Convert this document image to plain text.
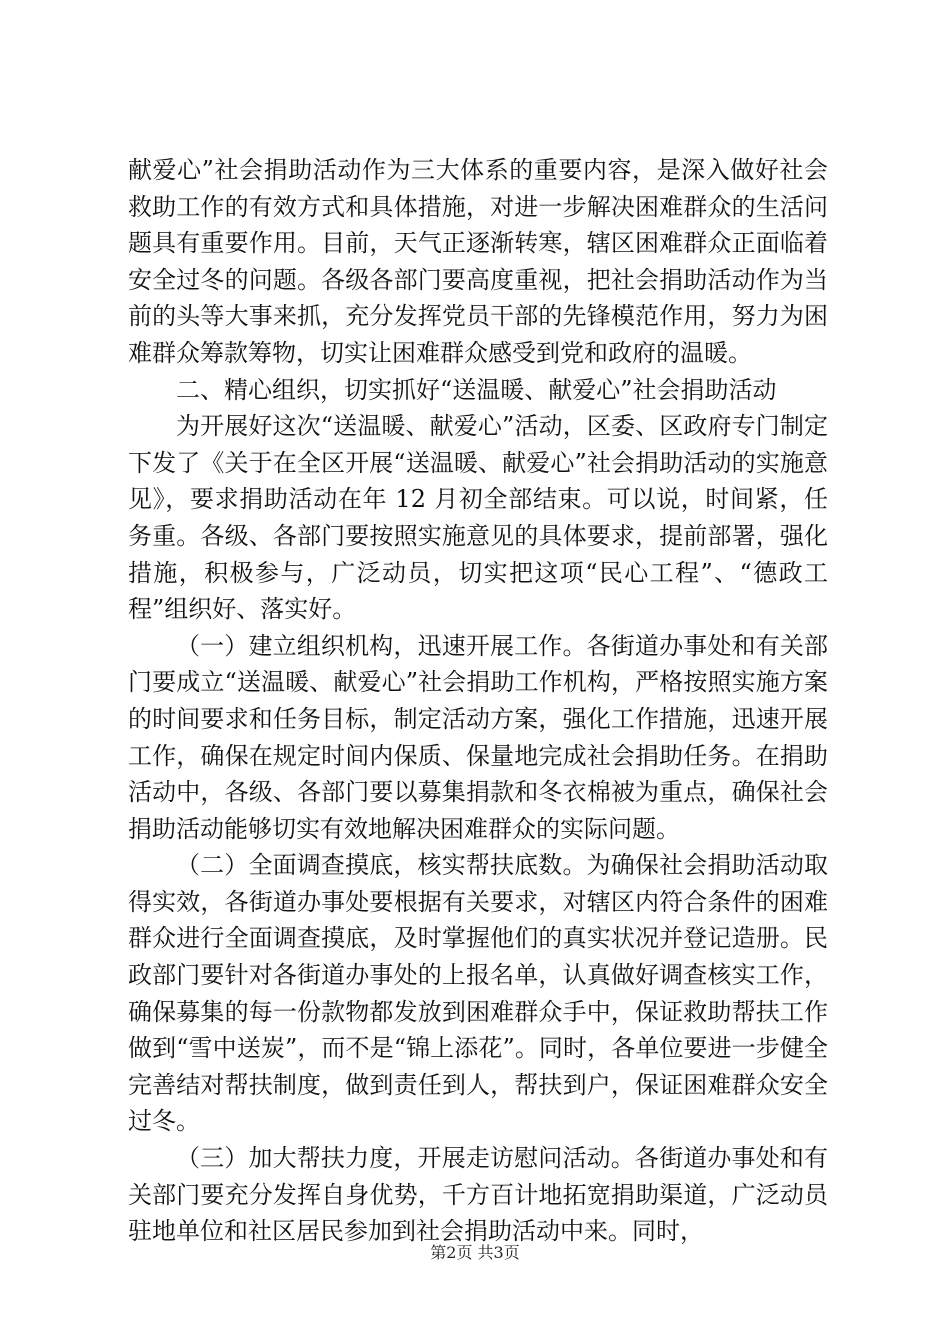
献爱心”社会捐助活动作为三大体系的重要内容，是深入做好社会救助工作的有效方式和具体措施，对进一步解决困难群众的生活问题具有重要作用。目前，天气正逐渐转寒，辖区困难群众正面临着安全过冬的问题。各级各部门要高度重视，把社会捐助活动作为当前的头等大事来抓，充分发挥党员干部的先锋模范作用，努力为困难群众筹款筹物，切实让困难群众感受到党和政府的温暖。

二、精心组织，切实抓好“送温暖、献爱心”社会捐助活动

为开展好这次“送温暖、献爱心”活动，区委、区政府专门制定下发了《关于在全区开展“送温暖、献爱心”社会捐助活动的实施意见》，要求捐助活动在年 12 月初全部结束。可以说，时间紧，任务重。各级、各部门要按照实施意见的具体要求，提前部署，强化措施，积极参与，广泛动员，切实把这项“民心工程”、“德政工程”组织好、落实好。

（一）建立组织机构，迅速开展工作。各街道办事处和有关部门要成立“送温暖、献爱心”社会捐助工作机构，严格按照实施方案的时间要求和任务目标，制定活动方案，强化工作措施，迅速开展工作，确保在规定时间内保质、保量地完成社会捐助任务。在捐助活动中，各级、各部门要以募集捐款和冬衣棉被为重点，确保社会捐助活动能够切实有效地解决困难群众的实际问题。

（二）全面调查摸底，核实帮扶底数。为确保社会捐助活动取得实效，各街道办事处要根据有关要求，对辖区内符合条件的困难群众进行全面调查摸底，及时掌握他们的真实状况并登记造册。民政部门要针对各街道办事处的上报名单，认真做好调查核实工作，确保募集的每一份款物都发放到困难群众手中，保证救助帮扶工作做到“雪中送炭”，而不是“锦上添花”。同时，各单位要进一步健全完善结对帮扶制度，做到责任到人，帮扶到户，保证困难群众安全过冬。

（三）加大帮扶力度，开展走访慰问活动。各街道办事处和有关部门要充分发挥自身优势，千方百计地拓宽捐助渠道，广泛动员驻地单位和社区居民参加到社会捐助活动中来。同时，

第2页 共3页
